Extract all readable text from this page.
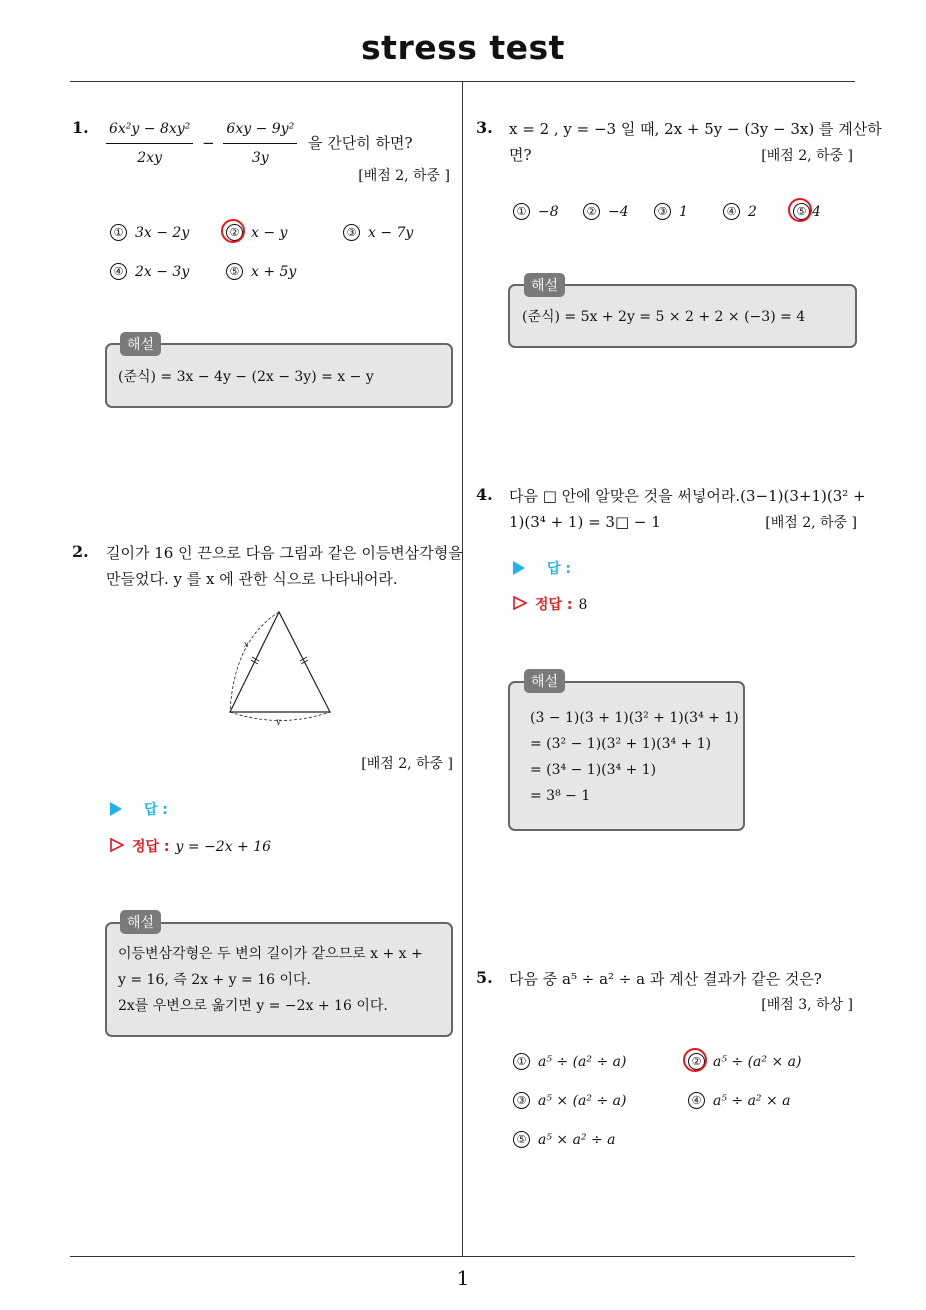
stress test
1. $\frac{\text{6x²y − 8xy²}}{2xy} - \frac{\text{6xy − 9y²}}{3y}$ 을 간단히 하면?
[배점 2, 하중 ]
① 3x − 2y	② x − y	③ x − 7y
④ 2x − 3y	⑤ x + 5y
해설
(준식) = 3x − 4y − (2x − 3y) = x − y
2. 길이가 16 인 끈으로 다음 그림과 같은 이등변삼각형을
만들었다. y 를 x 에 관한 식으로 나타내어라.
x
y
[배점 2, 하중 ]
답 :
정답 : y = −2x + 16
해설
이등변삼각형은 두 변의 길이가 같으므로 x + x +
y = 16, 즉 2x + y = 16 이다.
2x를 우변으로 옮기면 y = −2x + 16 이다.
3. x = 2 , y = −3 일 때, 2x + 5y − (3y − 3x) 를 계산하
면?	[배점 2, 하중 ]
① −8	② −4	③ 1	④ 2	⑤ 4
해설
(준식) = 5x + 2y = 5 × 2 + 2 × (−3) = 4
4. 다음 □ 안에 알맞은 것을 써넣어라.(3−1)(3+1)(3² +
1)(3⁴ + 1) = 3□ − 1	[배점 2, 하중 ]
답 :
정답 : 8
해설
(3 − 1)(3 + 1)(3² + 1)(3⁴ + 1)
= (3² − 1)(3² + 1)(3⁴ + 1)
= (3⁴ − 1)(3⁴ + 1)
= 3⁸ − 1
5. 다음 중 a⁵ ÷ a² ÷ a 과 계산 결과가 같은 것은?
[배점 3, 하상 ]
① a⁵ ÷ (a² ÷ a)	② a⁵ ÷ (a² × a)
③ a⁵ × (a² ÷ a)	④ a⁵ ÷ a² × a
⑤ a⁵ × a² ÷ a
1
